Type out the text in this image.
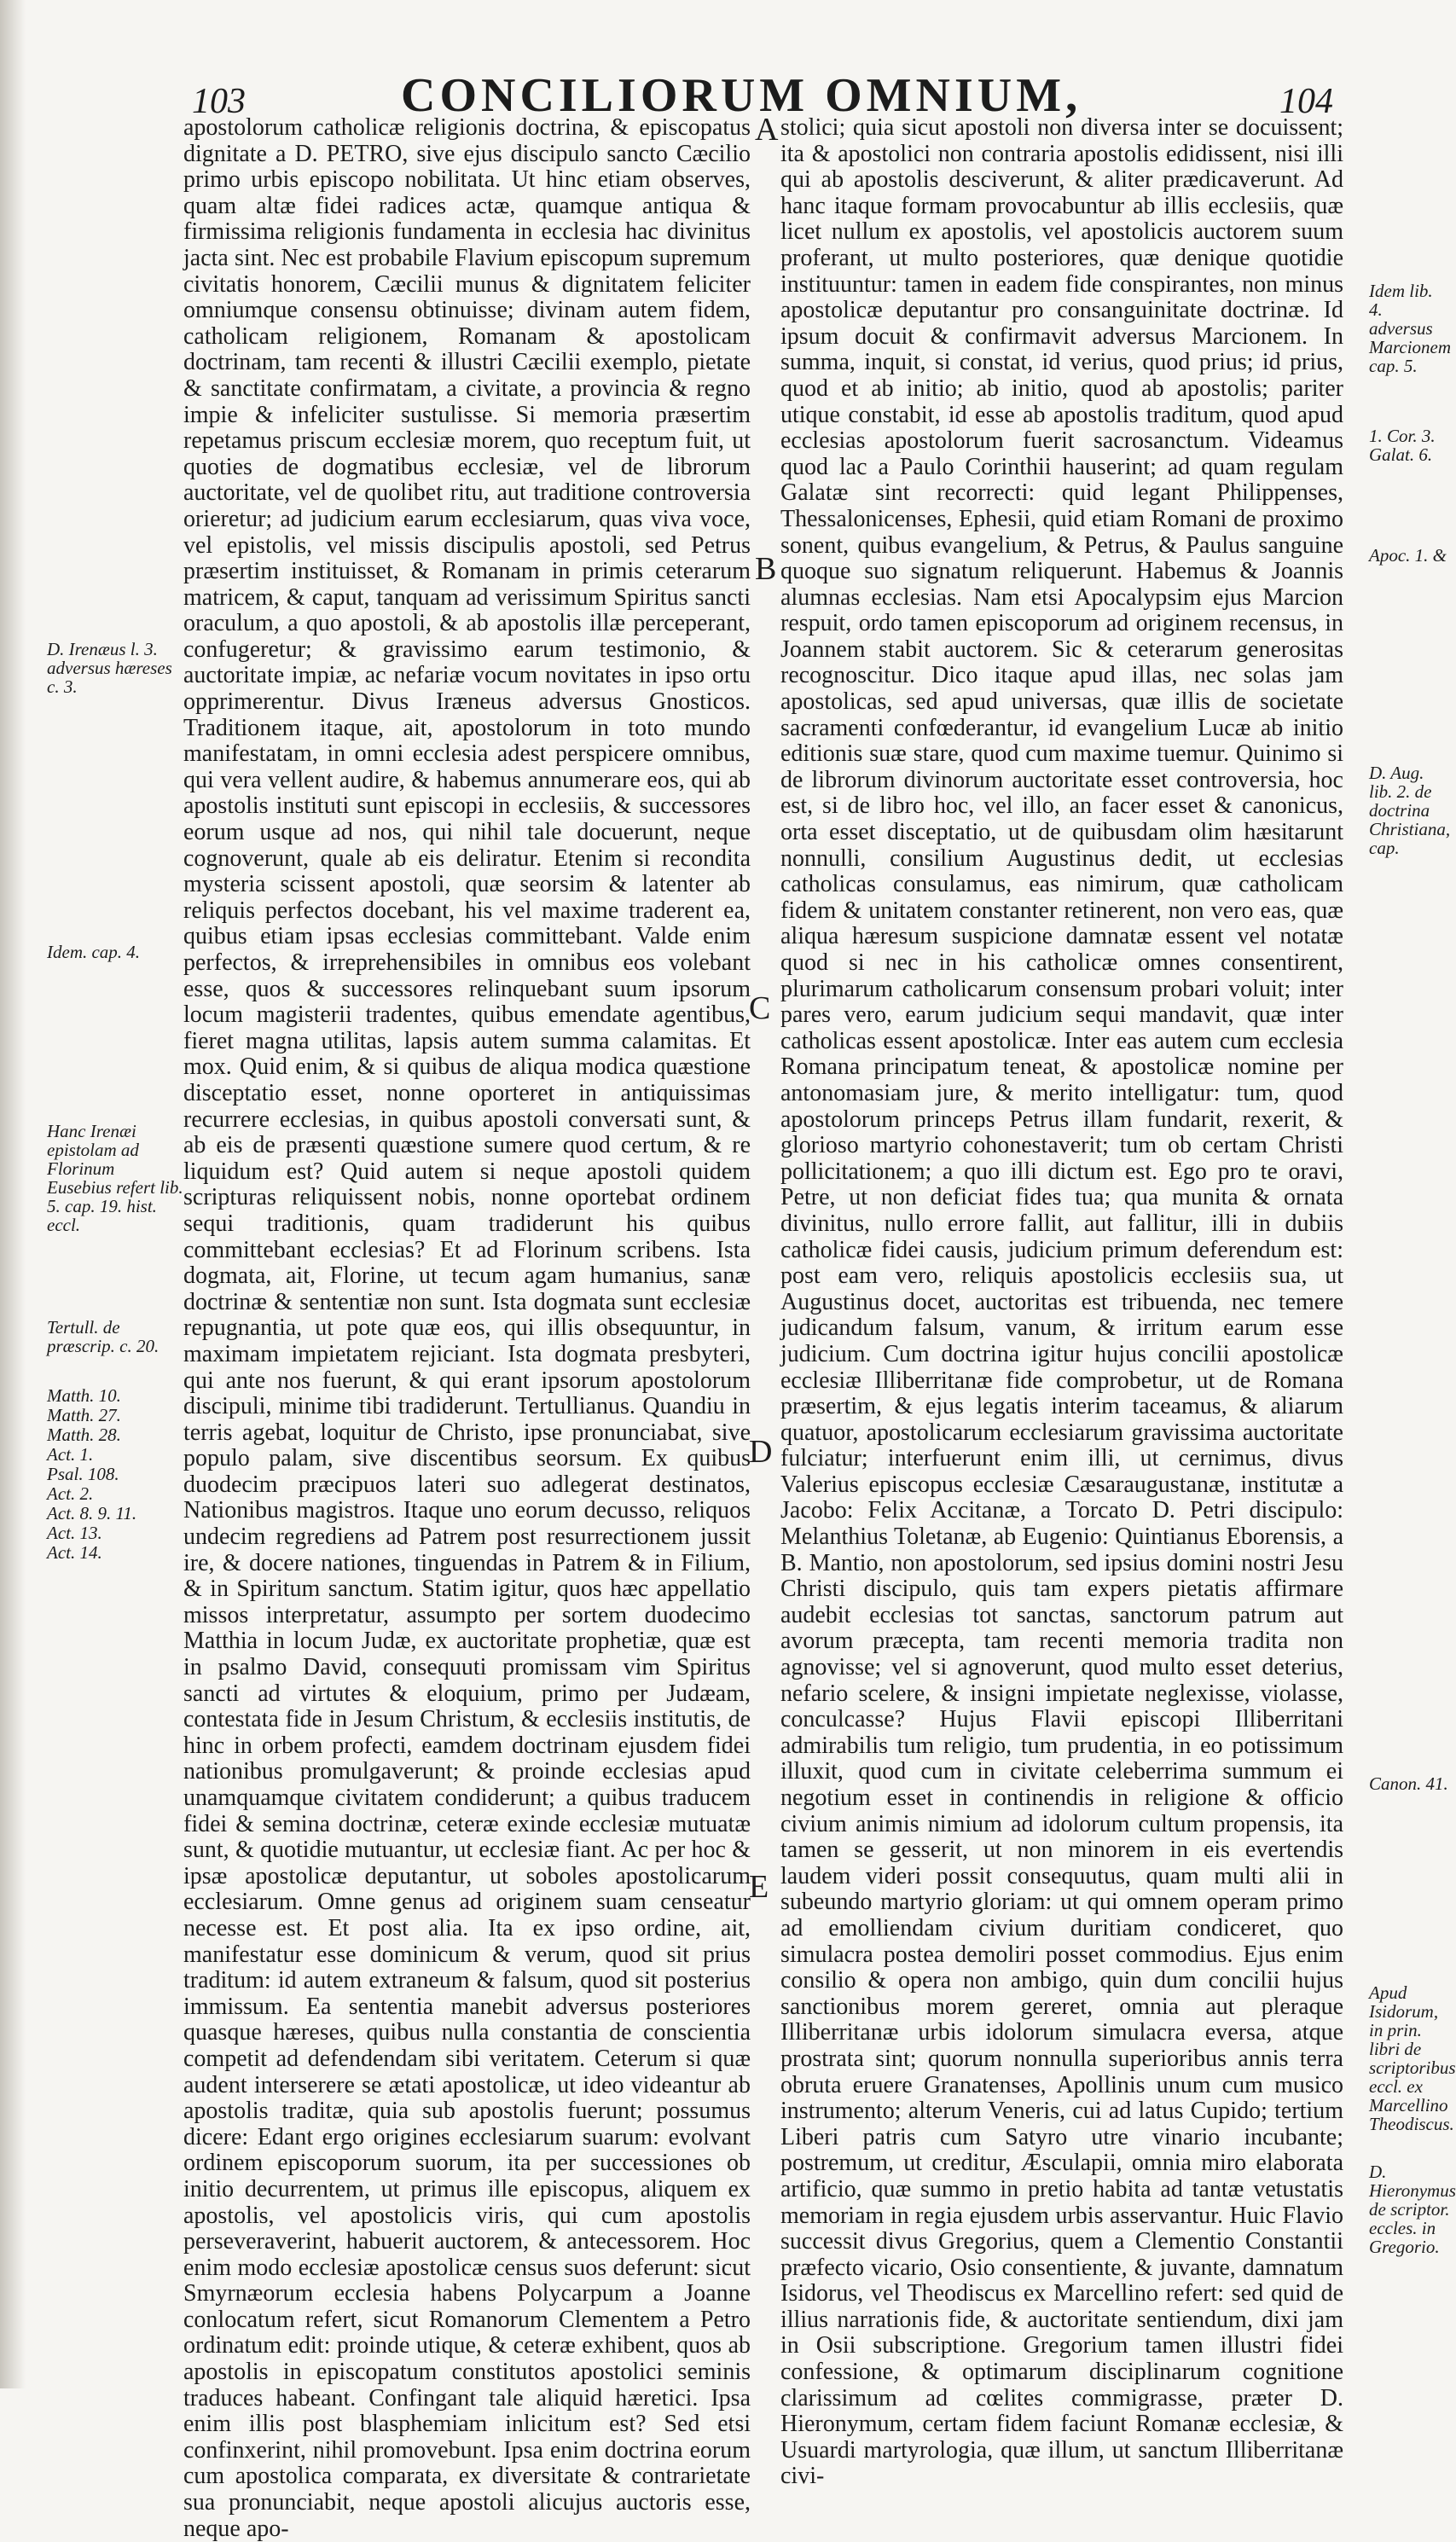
103	CONCILIORUM OMNIUM,	104

apostolorum catholicæ religionis doctrina, & episcopatus dignitate a D. PETRO, sive ejus discipulo sancto Cæcilio primo urbis episcopo nobilitata. Ut hinc etiam observes, quam altæ fidei radices actæ, quamque antiqua & firmissima religionis fundamenta in ecclesia hac divinitus jacta sint. Nec est probabile Flavium episcopum supremum civitatis honorem, Cæcilii munus & dignitatem feliciter omniumque consensu obtinuisse; divinam autem fidem, catholicam religionem, Romanam & apostolicam doctrinam, tam recenti & illustri Cæcilii exemplo, pietate & sanctitate confirmatam, a civitate, a provincia & regno impie & infeliciter sustulisse. Si memoria præsertim repetamus priscum ecclesiæ morem, quo receptum fuit, ut quoties de dogmatibus ecclesiæ, vel de librorum auctoritate, vel de quolibet ritu, aut traditione controversia orieretur; ad judicium earum ecclesiarum, quas viva voce, vel epistolis, vel missis discipulis apostoli, sed Petrus præsertim instituisset, & Romanam in primis ceterarum matricem, & caput, tanquam ad verissimum Spiritus sancti oraculum, a quo apostoli, & ab apostolis illæ perceperant, confugeretur; & gravissimo earum testimonio, & auctoritate impiæ, ac nefariæ vocum novitates in ipso ortu opprimerentur. Divus Iræneus adversus Gnosticos. Traditionem itaque, ait, apostolorum in toto mundo manifestatam, in omni ecclesia adest perspicere omnibus, qui vera vellent audire, & habemus annumerare eos, qui ab apostolis instituti sunt episcopi in ecclesiis, & successores eorum usque ad nos, qui nihil tale docuerunt, neque cognoverunt, quale ab eis deliratur. Etenim si recondita mysteria scissent apostoli, quæ seorsim & latenter ab reliquis perfectos docebant, his vel maxime traderent ea, quibus etiam ipsas ecclesias committebant. Valde enim perfectos, & irreprehensibiles in omnibus eos volebant esse, quos & successores relinquebant suum ipsorum locum magisterii tradentes, quibus emendate agentibus, fieret magna utilitas, lapsis autem summa calamitas. Et mox. Quid enim, & si quibus de aliqua modica quæstione disceptatio esset, nonne oporteret in antiquissimas recurrere ecclesias, in quibus apostoli conversati sunt, & ab eis de præsenti quæstione sumere quod certum, & re liquidum est? Quid autem si neque apostoli quidem scripturas reliquissent nobis, nonne oportebat ordinem sequi traditionis, quam tradiderunt his quibus committebant ecclesias? Et ad Florinum scribens. Ista dogmata, ait, Florine, ut tecum agam humanius, sanæ doctrinæ & sententiæ non sunt. Ista dogmata sunt ecclesiæ repugnantia, ut pote quæ eos, qui illis obsequuntur, in maximam impietatem rejiciant. Ista dogmata presbyteri, qui ante nos fuerunt, & qui erant ipsorum apostolorum discipuli, minime tibi tradiderunt. Tertullianus. Quandiu in terris agebat, loquitur de Christo, ipse pronunciabat, sive populo palam, sive discentibus seorsum. Ex quibus duodecim præcipuos lateri suo adlegerat destinatos, Nationibus magistros. Itaque uno eorum decusso, reliquos undecim regrediens ad Patrem post resurrectionem jussit ire, & docere nationes, tinguendas in Patrem & in Filium, & in Spiritum sanctum. Statim igitur, quos hæc appellatio missos interpretatur, assumpto per sortem duodecimo Matthia in locum Judæ, ex auctoritate prophetiæ, quæ est in psalmo David, consequuti promissam vim Spiritus sancti ad virtutes & eloquium, primo per Judæam, contestata fide in Jesum Christum, & ecclesiis institutis, de hinc in orbem profecti, eamdem doctrinam ejusdem fidei nationibus promulgaverunt; & proinde ecclesias apud unamquamque civitatem condiderunt; a quibus traducem fidei & semina doctrinæ, ceteræ exinde ecclesiæ mutuatæ sunt, & quotidie mutuantur, ut ecclesiæ fiant. Ac per hoc & ipsæ apostolicæ deputantur, ut soboles apostolicarum ecclesiarum. Omne genus ad originem suam censeatur necesse est. Et post alia. Ita ex ipso ordine, ait, manifestatur esse dominicum & verum, quod sit prius traditum: id autem extraneum & falsum, quod sit posterius immissum. Ea sententia manebit adversus posteriores quasque hæreses, quibus nulla constantia de conscientia competit ad defendendam sibi veritatem. Ceterum si quæ audent interserere se ætati apostolicæ, ut ideo videantur ab apostolis traditæ, quia sub apostolis fuerunt; possumus dicere: Edant ergo origines ecclesiarum suarum: evolvant ordinem episcoporum suorum, ita per successiones ob initio decurrentem, ut primus ille episcopus, aliquem ex apostolis, vel apostolicis viris, qui cum apostolis perseveraverint, habuerit auctorem, & antecessorem. Hoc enim modo ecclesiæ apostolicæ census suos deferunt: sicut Smyrnæorum ecclesia habens Polycarpum a Joanne conlocatum refert, sicut Romanorum Clementem a Petro ordinatum edit: proinde utique, & ceteræ exhibent, quos ab apostolis in episcopatum constitutos apostolici seminis traduces habeant. Confingant tale aliquid hæretici. Ipsa enim illis post blasphemiam inlicitum est? Sed etsi confinxerint, nihil promovebunt. Ipsa enim doctrina eorum cum apostolica comparata, ex diversitate & contrarietate sua pronunciabit, neque apostoli alicujus auctoris esse, neque apo-

stolici; quia sicut apostoli non diversa inter se docuissent; ita & apostolici non contraria apostolis edidissent, nisi illi qui ab apostolis desciverunt, & aliter prædicaverunt. Ad hanc itaque formam provocabuntur ab illis ecclesiis, quæ licet nullum ex apostolis, vel apostolicis auctorem suum proferant, ut multo posteriores, quæ denique quotidie instituuntur: tamen in eadem fide conspirantes, non minus apostolicæ deputantur pro consanguinitate doctrinæ. Id ipsum docuit & confirmavit adversus Marcionem. In summa, inquit, si constat, id verius, quod prius; id prius, quod et ab initio; ab initio, quod ab apostolis; pariter utique constabit, id esse ab apostolis traditum, quod apud ecclesias apostolorum fuerit sacrosanctum. Videamus quod lac a Paulo Corinthii hauserint; ad quam regulam Galatæ sint recorrecti: quid legant Philippenses, Thessalonicenses, Ephesii, quid etiam Romani de proximo sonent, quibus evangelium, & Petrus, & Paulus sanguine quoque suo signatum reliquerunt. Habemus & Joannis alumnas ecclesias. Nam etsi Apocalypsim ejus Marcion respuit, ordo tamen episcoporum ad originem recensus, in Joannem stabit auctorem. Sic & ceterarum generositas recognoscitur. Dico itaque apud illas, nec solas jam apostolicas, sed apud universas, quæ illis de societate sacramenti confœderantur, id evangelium Lucæ ab initio editionis suæ stare, quod cum maxime tuemur. Quinimo si de librorum divinorum auctoritate esset controversia, hoc est, si de libro hoc, vel illo, an facer esset & canonicus, orta esset disceptatio, ut de quibusdam olim hæsitarunt nonnulli, consilium Augustinus dedit, ut ecclesias catholicas consulamus, eas nimirum, quæ catholicam fidem & unitatem constanter retinerent, non vero eas, quæ aliqua hæresum suspicione damnatæ essent vel notatæ quod si nec in his catholicæ omnes consentirent, plurimarum catholicarum consensum probari voluit; inter pares vero, earum judicium sequi mandavit, quæ inter catholicas essent apostolicæ. Inter eas autem cum ecclesia Romana principatum teneat, & apostolicæ nomine per antonomasiam jure, & merito intelligatur: tum, quod apostolorum princeps Petrus illam fundarit, rexerit, & glorioso martyrio cohonestaverit; tum ob certam Christi pollicitationem; a quo illi dictum est. Ego pro te oravi, Petre, ut non deficiat fides tua; qua munita & ornata divinitus, nullo errore fallit, aut fallitur, illi in dubiis catholicæ fidei causis, judicium primum deferendum est: post eam vero, reliquis apostolicis ecclesiis sua, ut Augustinus docet, auctoritas est tribuenda, nec temere judicandum falsum, vanum, & irritum earum esse judicium. Cum doctrina igitur hujus concilii apostolicæ ecclesiæ Illiberritanæ fide comprobetur, ut de Romana præsertim, & ejus legatis interim taceamus, & aliarum quatuor, apostolicarum ecclesiarum gravissima auctoritate fulciatur; interfuerunt enim illi, ut cernimus, divus Valerius episcopus ecclesiæ Cæsaraugustanæ, institutæ a Jacobo: Felix Accitanæ, a Torcato D. Petri discipulo: Melanthius Toletanæ, ab Eugenio: Quintianus Eborensis, a B. Mantio, non apostolorum, sed ipsius domini nostri Jesu Christi discipulo, quis tam expers pietatis affirmare audebit ecclesias tot sanctas, sanctorum patrum aut avorum præcepta, tam recenti memoria tradita non agnovisse; vel si agnoverunt, quod multo esset deterius, nefario scelere, & insigni impietate neglexisse, violasse, conculcasse? Hujus Flavii episcopi Illiberritani admirabilis tum religio, tum prudentia, in eo potissimum illuxit, quod cum in civitate celeberrima summum ei negotium esset in continendis in religione & officio civium animis nimium ad idolorum cultum propensis, ita tamen se gesserit, ut non minorem in eis evertendis laudem videri possit consequutus, quam multi alii in subeundo martyrio gloriam: ut qui omnem operam primo ad emolliendam civium duritiam condiceret, quo simulacra postea demoliri posset commodius. Ejus enim consilio & opera non ambigo, quin dum concilii hujus sanctionibus morem gereret, omnia aut pleraque Illiberritanæ urbis idolorum simulacra eversa, atque prostrata sint; quorum nonnulla superioribus annis terra obruta eruere Granatenses, Apollinis unum cum musico instrumento; alterum Veneris, cui ad latus Cupido; tertium Liberi patris cum Satyro utre vinario incubante; postremum, ut creditur, Æsculapii, omnia miro elaborata artificio, quæ summo in pretio habita ad tantæ vetustatis memoriam in regia ejusdem urbis asservantur. Huic Flavio successit divus Gregorius, quem a Clementio Constantii præfecto vicario, Osio consentiente, & juvante, damnatum Isidorus, vel Theodiscus ex Marcellino refert: sed quid de illius narrationis fide, & auctoritate sentiendum, dixi jam in Osii subscriptione. Gregorium tamen illustri fidei confessione, & optimarum disciplinarum cognitione clarissimum ad cœlites commigrasse, præter D. Hieronymum, certam fidem faciunt Romanæ ecclesiæ, & Usuardi martyrologia, quæ illum, ut sanctum Illiberritanæ civi-

A
B
C
D
E
D. Irenæus l. 3. adversus hæreses c. 3.
Idem. cap. 4.
Hanc Irenæi epistolam ad Florinum Eusebius refert lib. 5. cap. 19. hist. eccl.
Tertull. de præscrip. c. 20.
Matth. 10.
Matth. 27.
Matth. 28.
Act. 1.
Psal. 108.
Act. 2.
Act. 8. 9. 11.
Act. 13.
Act. 14.
Idem lib. 4. adversus Marcionem cap. 5.
1. Cor. 3. Galat. 6.
Apoc. 1. &
D. Aug. lib. 2. de doctrina Christiana, cap.
Canon. 41.
Apud Isidorum, in prin. libri de scriptoribus eccl. ex Marcellino Theodiscus.
D. Hieronymus de scriptor. eccles. in Gregorio.
